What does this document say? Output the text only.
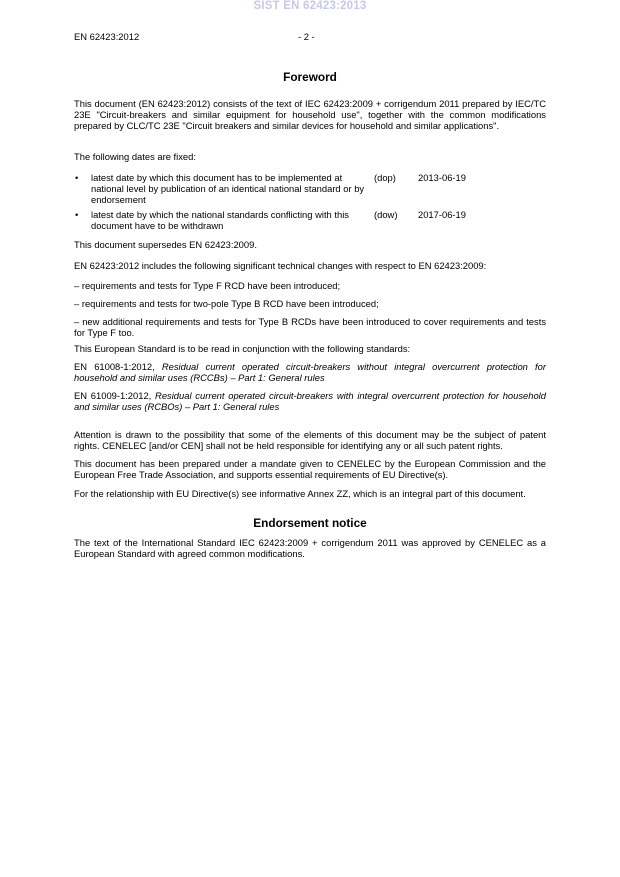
SIST EN 62423:2013
EN 62423:2012	- 2 -
Foreword

This document (EN 62423:2012) consists of the text of IEC 62423:2009 + corrigendum 2011 prepared by IEC/TC 23E "Circuit-breakers and similar equipment for household use", together with the common modifications prepared by CLC/TC 23E "Circuit breakers and similar devices for household and similar applications".

The following dates are fixed:

• latest date by which this document has to be implemented at national level by publication of an identical national standard or by endorsement
(dop) 2013-06-19
• latest date by which the national standards conflicting with this document have to be withdrawn
(dow) 2017-06-19

This document supersedes EN 62423:2009.

EN 62423:2012 includes the following significant technical changes with respect to EN 62423:2009:

– requirements and tests for Type F RCD have been introduced;

– requirements and tests for two-pole Type B RCD have been introduced;

– new additional requirements and tests for Type B RCDs have been introduced to cover requirements and tests for Type F too.

This European Standard is to be read in conjunction with the following standards:

EN 61008-1:2012, Residual current operated circuit-breakers without integral overcurrent protection for household and similar uses (RCCBs) – Part 1: General rules

EN 61009-1:2012, Residual current operated circuit-breakers with integral overcurrent protection for household and similar uses (RCBOs) – Part 1: General rules

Attention is drawn to the possibility that some of the elements of this document may be the subject of patent rights. CENELEC [and/or CEN] shall not be held responsible for identifying any or all such patent rights.

This document has been prepared under a mandate given to CENELEC by the European Commission and the European Free Trade Association, and supports essential requirements of EU Directive(s).

For the relationship with EU Directive(s) see informative Annex ZZ, which is an integral part of this document.

Endorsement notice

The text of the International Standard IEC 62423:2009 + corrigendum 2011 was approved by CENELEC as a European Standard with agreed common modifications.
